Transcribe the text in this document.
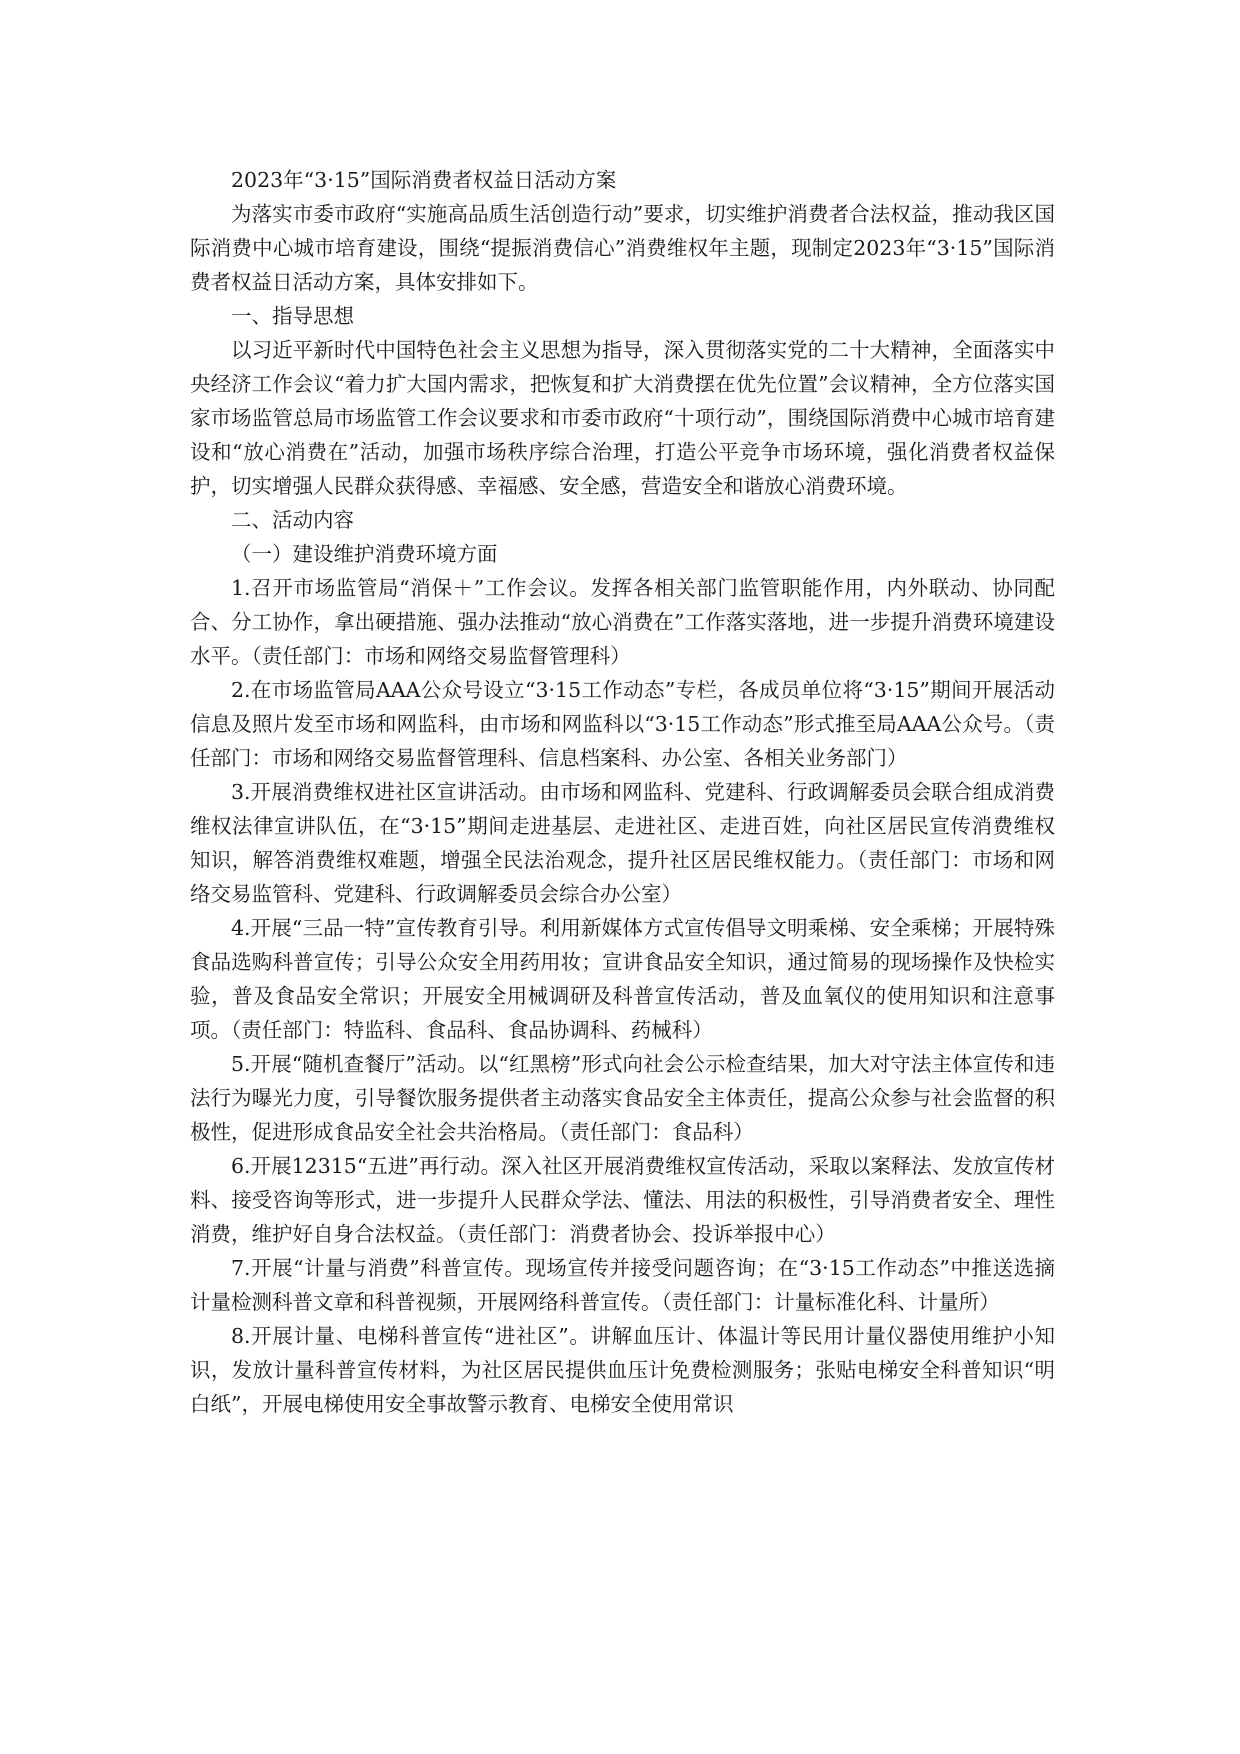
2023年“3·15”国际消费者权益日活动方案

为落实市委市政府“实施高品质生活创造行动”要求，切实维护消费者合法权益，推动我区国际消费中心城市培育建设，围绕“提振消费信心”消费维权年主题，现制定2023年“3·15”国际消费者权益日活动方案，具体安排如下。

一、指导思想

以习近平新时代中国特色社会主义思想为指导，深入贯彻落实党的二十大精神，全面落实中央经济工作会议“着力扩大国内需求，把恢复和扩大消费摆在优先位置”会议精神，全方位落实国家市场监管总局市场监管工作会议要求和市委市政府“十项行动”，围绕国际消费中心城市培育建设和“放心消费在”活动，加强市场秩序综合治理，打造公平竞争市场环境，强化消费者权益保护，切实增强人民群众获得感、幸福感、安全感，营造安全和谐放心消费环境。

二、活动内容

（一）建设维护消费环境方面

1.召开市场监管局“消保＋”工作会议。发挥各相关部门监管职能作用，内外联动、协同配合、分工协作，拿出硬措施、强办法推动“放心消费在”工作落实落地，进一步提升消费环境建设水平。（责任部门：市场和网络交易监督管理科）

2.在市场监管局AAA公众号设立“3·15工作动态”专栏，各成员单位将“3·15”期间开展活动信息及照片发至市场和网监科，由市场和网监科以“3·15工作动态”形式推至局AAA公众号。（责任部门：市场和网络交易监督管理科、信息档案科、办公室、各相关业务部门）

3.开展消费维权进社区宣讲活动。由市场和网监科、党建科、行政调解委员会联合组成消费维权法律宣讲队伍，在“3·15”期间走进基层、走进社区、走进百姓，向社区居民宣传消费维权知识，解答消费维权难题，增强全民法治观念，提升社区居民维权能力。（责任部门：市场和网络交易监管科、党建科、行政调解委员会综合办公室）

4.开展“三品一特”宣传教育引导。利用新媒体方式宣传倡导文明乘梯、安全乘梯；开展特殊食品选购科普宣传；引导公众安全用药用妆；宣讲食品安全知识，通过简易的现场操作及快检实验，普及食品安全常识；开展安全用械调研及科普宣传活动，普及血氧仪的使用知识和注意事项。（责任部门：特监科、食品科、食品协调科、药械科）

5.开展“随机查餐厅”活动。以“红黑榜”形式向社会公示检查结果，加大对守法主体宣传和违法行为曝光力度，引导餐饮服务提供者主动落实食品安全主体责任，提高公众参与社会监督的积极性，促进形成食品安全社会共治格局。（责任部门：食品科）

6.开展12315“五进”再行动。深入社区开展消费维权宣传活动，采取以案释法、发放宣传材料、接受咨询等形式，进一步提升人民群众学法、懂法、用法的积极性，引导消费者安全、理性消费，维护好自身合法权益。（责任部门：消费者协会、投诉举报中心）

7.开展“计量与消费”科普宣传。现场宣传并接受问题咨询；在“3·15工作动态”中推送选摘计量检测科普文章和科普视频，开展网络科普宣传。（责任部门：计量标准化科、计量所）

8.开展计量、电梯科普宣传“进社区”。讲解血压计、体温计等民用计量仪器使用维护小知识，发放计量科普宣传材料，为社区居民提供血压计免费检测服务；张贴电梯安全科普知识“明白纸”，开展电梯使用安全事故警示教育、电梯安全使用常识
